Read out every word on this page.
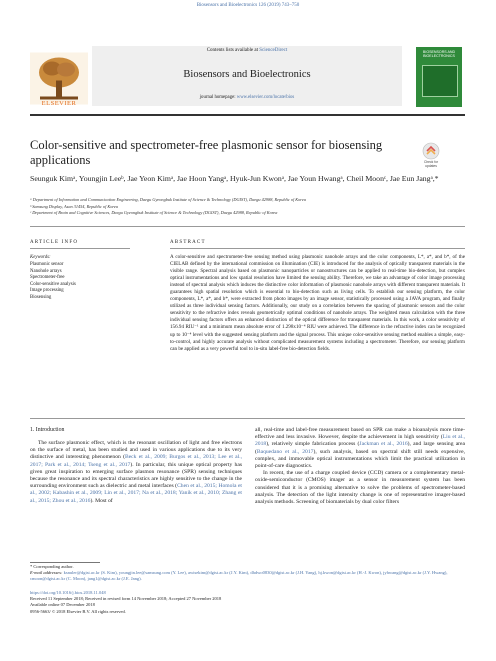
Biosensors and Bioelectronics 126 (2019) 743–750
Contents lists available at ScienceDirect
Biosensors and Bioelectronics
journal homepage: www.elsevier.com/locate/bios
ELSEVIER
BIOSENSORS AND BIOELECTRONICS
Color-sensitive and spectrometer-free plasmonic sensor for biosensing applications	Check for updates
Seunguk Kimᵃ, Youngjin Leeᵇ, Jae Yeon Kimᵃ, Jae Hoon Yangᵃ, Hyuk-Jun Kwonᵃ, Jae Youn Hwangᵃ, Cheil Moonᶜ, Jae Eun Jangᵃ,*
ᵃ Department of Information and Communication Engineering, Daegu Gyeongbuk Institute of Science & Technology (DGIST), Daegu 42988, Republic of Korea
ᵇ Samsung Display, Asan 31454, Republic of Korea
ᶜ Department of Brain and Cognitive Sciences, Daegu Gyeongbuk Institute of Science & Technology (DGIST), Daegu 42988, Republic of Korea
ARTICLE INFO	ABSTRACT
Keywords:
Plasmonic sensor
Nanohole arrays
Spectrometer-free
Color-sensitive analysis
Image processing
Biosensing
A color-sensitive and spectrometer-free sensing method using plasmonic nanohole arrays and the color components, L*, a*, and b*, of the CIELAB defined by the international commission on illumination (CIE) is introduced for the analysis of optically transparent materials in the visible range. Spectral analysis based on plasmonic nanoparticles or nanostructures can be applied to real-time bio-detection, but complex optical instrumentations and low spatial resolution have limited the sensing ability. Therefore, we take an advantage of color image processing instead of spectral analysis which induces the distinctive color information of plasmonic nanohole arrays with different transparent materials. It guarantees high spatial resolution which is essential to bio-detection such as living cells. To establish our sensing platform, the color components, L*, a*, and b*, were extracted from photo images by an image sensor, statistically processed using a JAVA program, and finally utilized as three individual sensing factors. Additionally, our study on a correlation between the spacing of plasmonic sensors and the color sensitivity to the refractive index reveals geometrically optimal conditions of nanohole arrays. The weighted mean calculation with the three individual sensing factors offers an enhanced distinction of the optical difference for transparent materials. In this work, a color sensitivity of 156.94 RIU⁻¹ and a minimum mean absolute error of 1.298x10⁻⁴ RIU were achieved. The difference in the refractive index can be recognized up to 10⁻⁴ level with the suggested sensing platform and the signal process. This unique color-sensitive sensing method enables a simple, easy-to-control, and highly accurate analysis without complicated measurement systems including a spectrometer. Therefore, our sensing platform can be applied as a very powerful tool to in-situ label-free bio-detection fields.
1. Introduction

The surface plasmonic effect, which is the resonant oscillation of light and free electrons on the surface of metal, has been studied and used in various applications due to its very distinctive and interesting phenomenon (Beck et al., 2009; Burgos et al., 2013; Lee et al., 2017; Park et al., 2014; Tseng et al., 2017). In particular, this unique optical property has given great inspiration to emerging surface plasmon resonance (SPR) sensing techniques because the resonance and its spectral characteristics are highly sensitive to the change in the surrounding environment such as dielectric and metal interfaces (Chen et al., 2015; Homola et al., 2002; Kabashin et al., 2009; Lin et al., 2017; Na et al., 2018; Yanik et al., 2010; Zhang et al., 2015; Zhou et al., 2016). Most of

all, real-time and label-free measurement based on SPR can make a bioanalysis more time-effective and less invasive. However, despite the achievement in high sensitivity (Liu et al., 2018), relatively simple fabrication process (Jackman et al., 2016), and large sensing area (Baquedano et al., 2017), such analysis, based on spectral shift still needs expensive, complex, and immovable optical instrumentations which limit the practical utilization in point-of-care diagnostics.

In recent, the use of a charge coupled device (CCD) camera or a complementary metal-oxide-semiconductor (CMOS) imager as a sensor in measurement system has been considered that it is a promising alternative to solve the problems of spectrometer-based analysis. The detection of the light intensity change is one of representative imager-based analysis methods. Screening of biomaterials by dual color filters

* Corresponding author.
E-mail addresses: ksnuler@dgist.ac.kr (S. Kim), youngjin.lee@samsung.com (Y. Lee), awisekim@dgist.ac.kr (J.Y. Kim), dhdwo0830@dgist.ac.kr (J.H. Yang), hj.kwon@dgist.ac.kr (H.-J. Kwon), jyhwang@dgist.ac.kr (J.Y. Hwang), cmoon@dgist.ac.kr (C. Moon), jang1@dgist.ac.kr (J.E. Jang).
https://doi.org/10.1016/j.bios.2018.11.048
Received 11 September 2018; Received in revised form 14 November 2018; Accepted 27 November 2018
Available online 07 December 2018
0956-5663/ © 2018 Elsevier B.V. All rights reserved.
